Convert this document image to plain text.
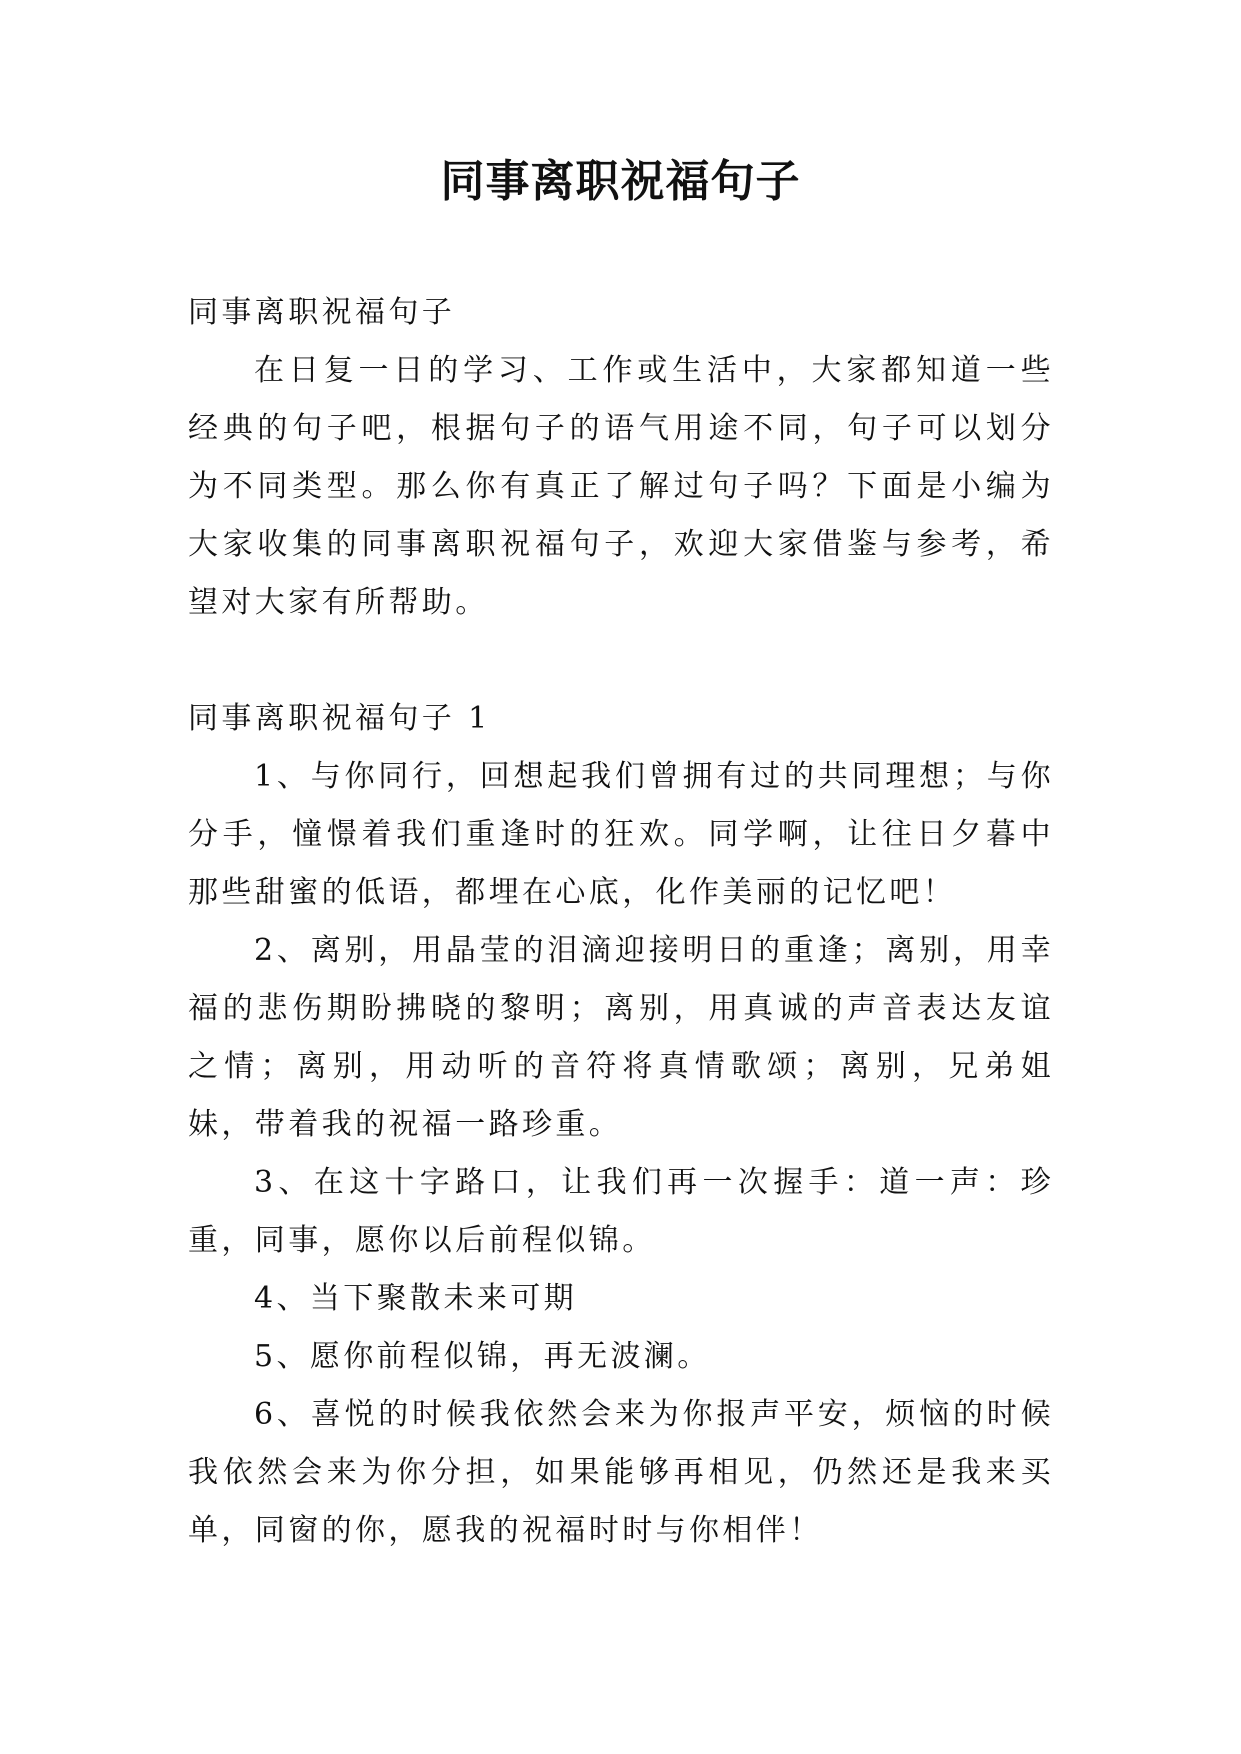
同事离职祝福句子

同事离职祝福句子

在日复一日的学习、工作或生活中，大家都知道一些经典的句子吧，根据句子的语气用途不同，句子可以划分为不同类型。那么你有真正了解过句子吗？下面是小编为大家收集的同事离职祝福句子，欢迎大家借鉴与参考，希望对大家有所帮助。

同事离职祝福句子 1

1、与你同行，回想起我们曾拥有过的共同理想；与你分手，憧憬着我们重逢时的狂欢。同学啊，让往日夕暮中那些甜蜜的低语，都埋在心底，化作美丽的记忆吧！

2、离别，用晶莹的泪滴迎接明日的重逢；离别，用幸福的悲伤期盼拂晓的黎明；离别，用真诚的声音表达友谊之情；离别，用动听的音符将真情歌颂；离别，兄弟姐妹，带着我的祝福一路珍重。

3、在这十字路口，让我们再一次握手：道一声：珍重，同事，愿你以后前程似锦。

4、当下聚散未来可期

5、愿你前程似锦，再无波澜。

6、喜悦的时候我依然会来为你报声平安，烦恼的时候我依然会来为你分担，如果能够再相见，仍然还是我来买单，同窗的你，愿我的祝福时时与你相伴！
